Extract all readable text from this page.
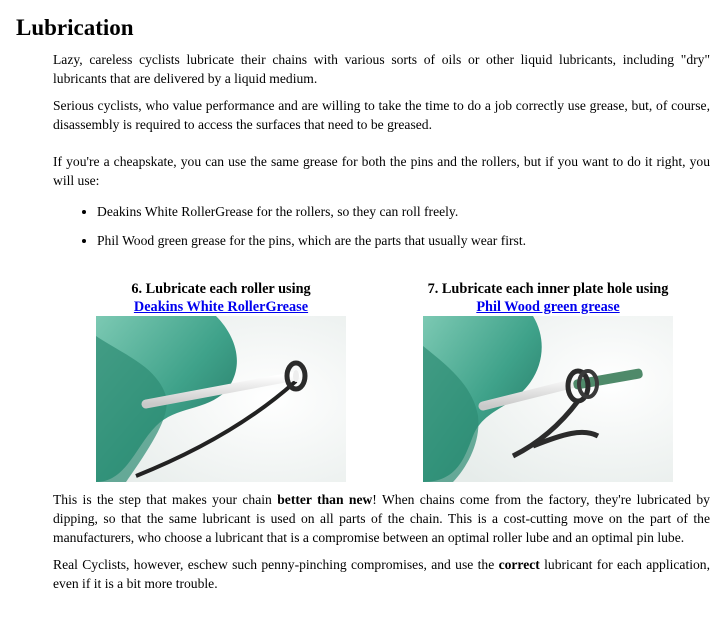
Lubrication

Lazy, careless cyclists lubricate their chains with various sorts of oils or other liquid lubricants, including "dry" lubricants that are delivered by a liquid medium.

Serious cyclists, who value performance and are willing to take the time to do a job correctly use grease, but, of course, disassembly is required to access the surfaces that need to be greased.

If you're a cheapskate, you can use the same grease for both the pins and the rollers, but if you want to do it right, you will use:

• Deakins White RollerGrease for the rollers, so they can roll freely.
• Phil Wood green grease for the pins, which are the parts that usually wear first.
6. Lubricate each roller using
Deakins White RollerGrease
7. Lubricate each inner plate hole using
Phil Wood green grease

This is the step that makes your chain better than new! When chains come from the factory, they're lubricated by dipping, so that the same lubricant is used on all parts of the chain. This is a cost-cutting move on the part of the manufacturers, who choose a lubricant that is a compromise between an optimal roller lube and an optimal pin lube.

Real Cyclists, however, eschew such penny-pinching compromises, and use the correct lubricant for each application, even if it is a bit more trouble.
